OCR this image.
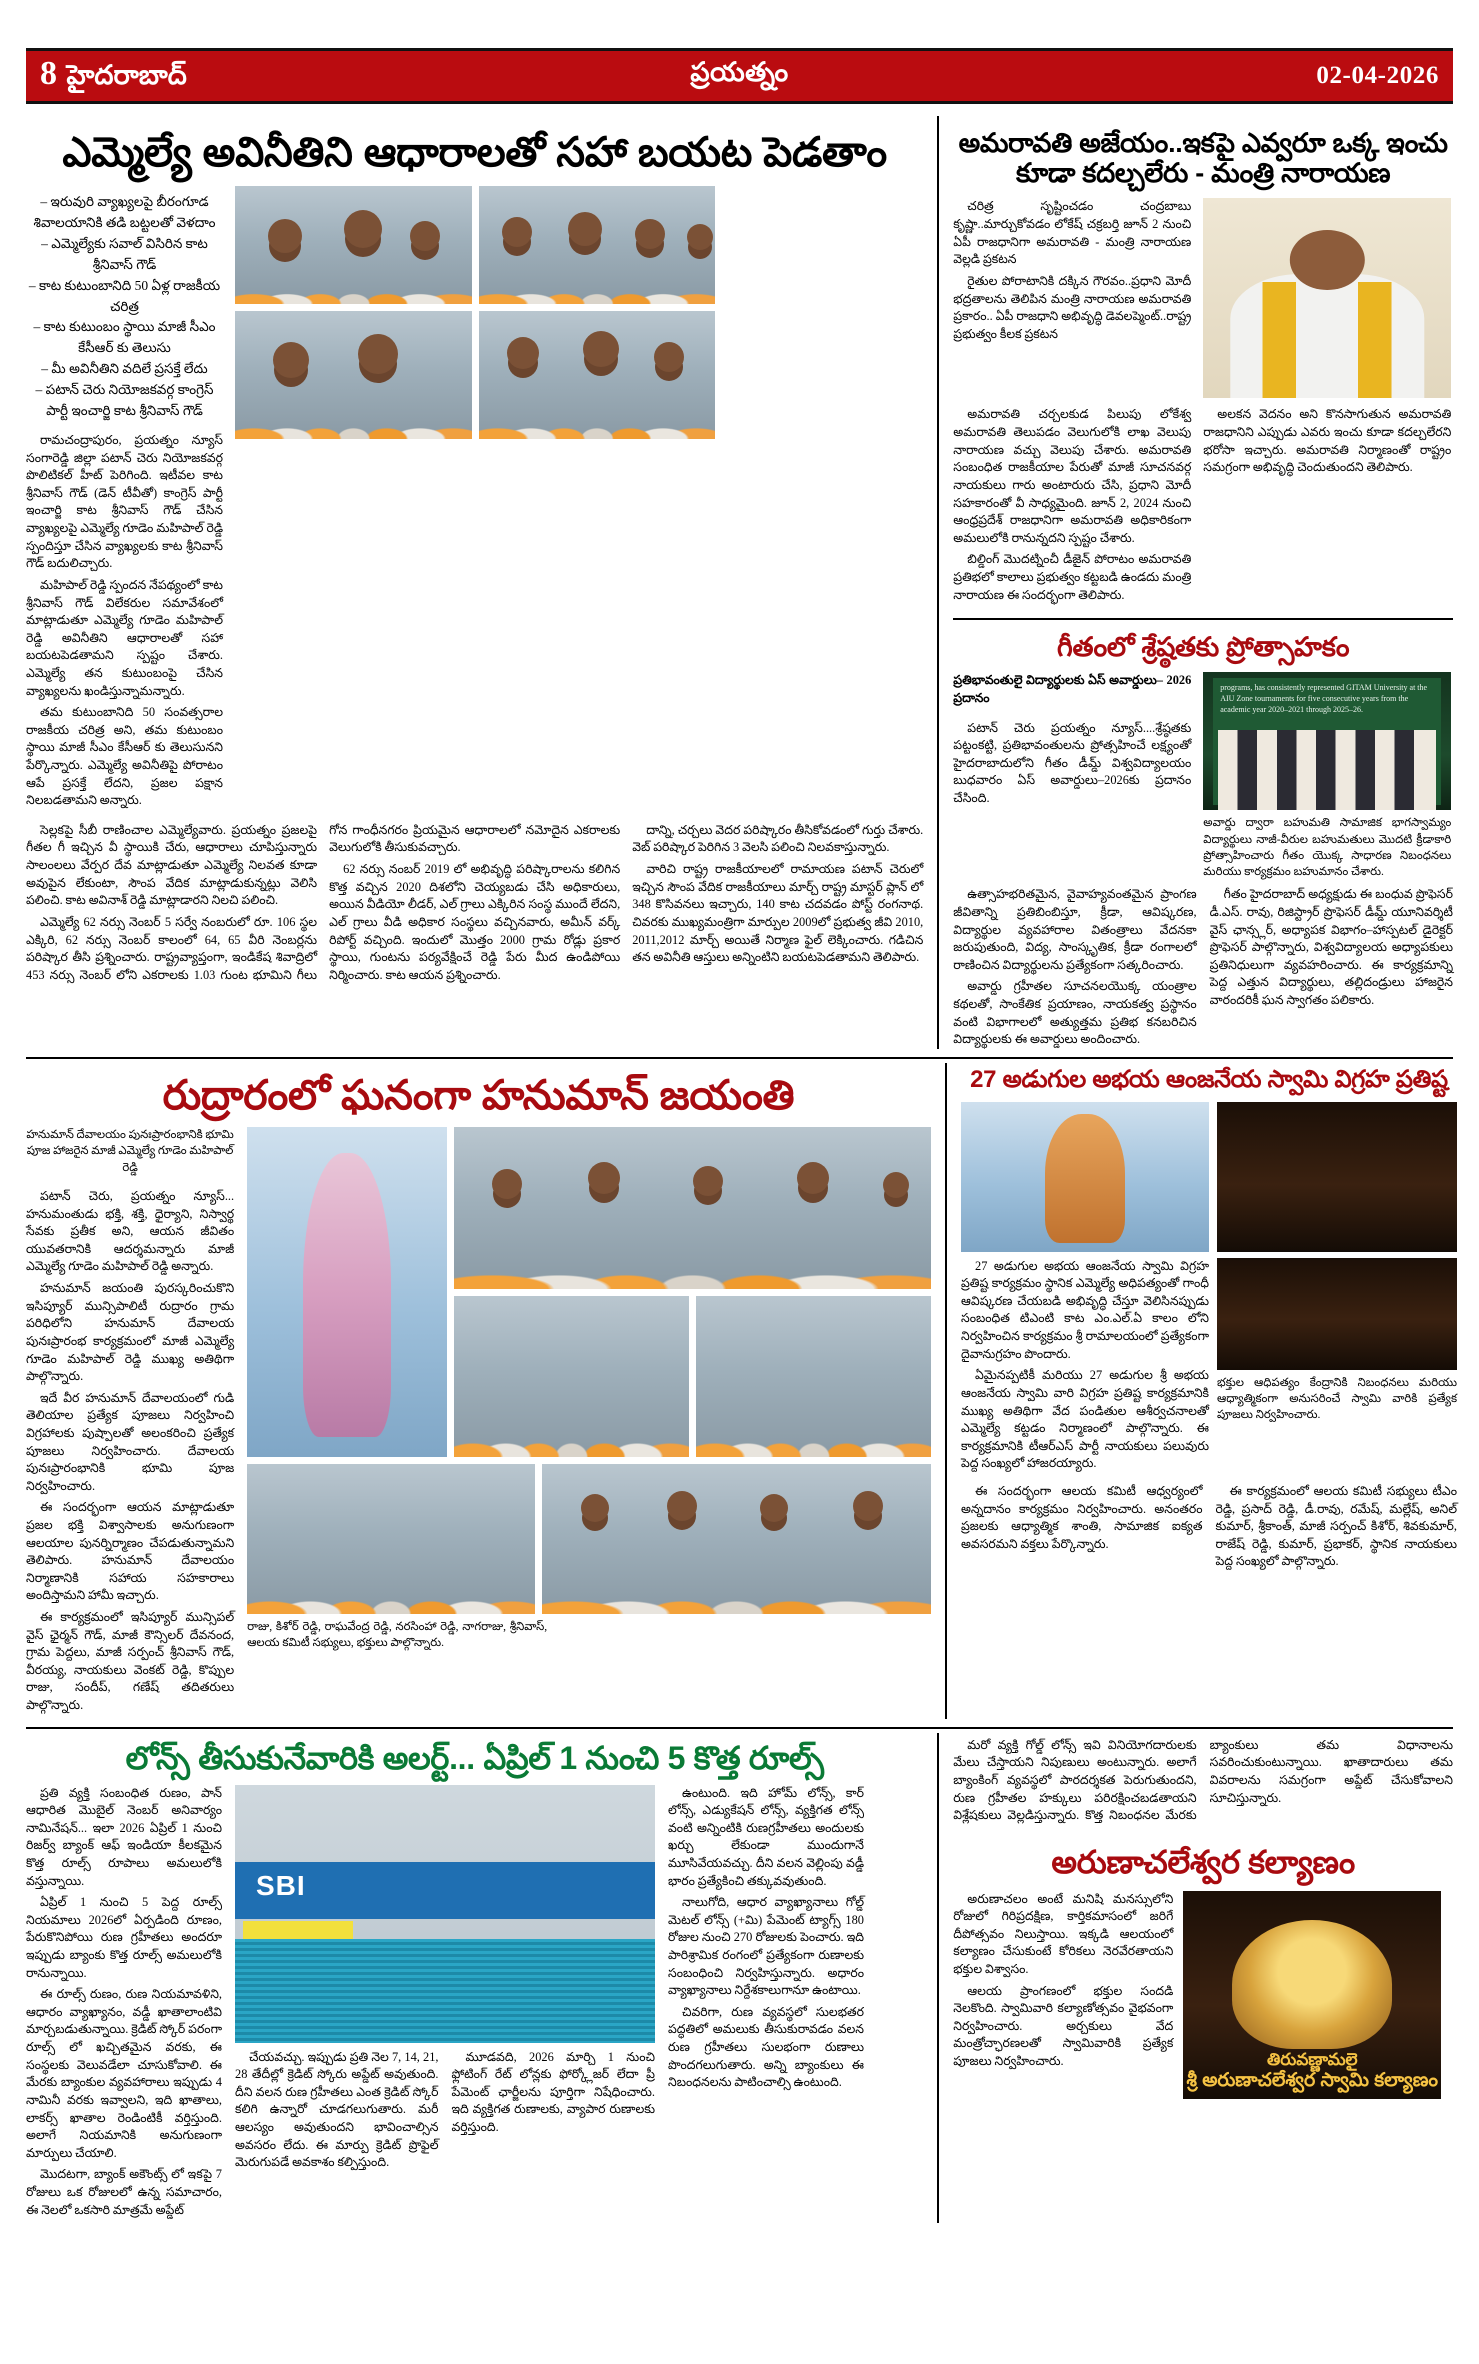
8 హైదరాబాద్	ప్రయత్నం	02-04-2026
ఎమ్మెల్యే అవినీతిని ఆధారాలతో సహా బయట పెడతాం
– ఇరువురి వ్యాఖ్యలపై బీరంగూడ శివాలయానికి తడి బట్టలతో వెళదాం
– ఎమ్మెల్యేకు సవాల్ విసిరిన కాట శ్రీనివాస్ గౌడ్
– కాట కుటుంబానిది 50 ఏళ్ల రాజకీయ చరిత్ర
– కాట కుటుంబం స్థాయి మాజీ సీఎం కేసీఆర్ కు తెలుసు
– మీ అవినీతిని వదిలే ప్రసక్తే లేదు
– పటాన్ చెరు నియోజకవర్గ కాంగ్రెస్ పార్టీ ఇంచార్జి కాట శ్రీనివాస్ గౌడ్

రామచంద్రాపురం, ప్రయత్నం న్యూస్ సంగారెడ్డి జిల్లా పటాన్ చెరు నియోజకవర్గ పొలిటికల్ హీట్ పెరిగింది. ఇటీవల కాట శ్రీనివాస్ గౌడ్ (డెన్ టీవీతో) కాంగ్రెస్ పార్టీ ఇంచార్జి కాట శ్రీనివాస్ గౌడ్ చేసిన వ్యాఖ్యలపై ఎమ్మెల్యే గూడెం మహిపాల్ రెడ్డి స్పందిస్తూ చేసిన వ్యాఖ్యలకు కాట శ్రీనివాస్ గౌడ్ బదులిచ్చారు.

మహిపాల్ రెడ్డి స్పందన నేపథ్యంలో కాట శ్రీనివాస్ గౌడ్ విలేకరుల సమావేశంలో మాట్లాడుతూ ఎమ్మెల్యే గూడెం మహిపాల్ రెడ్డి అవినీతిని ఆధారాలతో సహా బయటపెడతామని స్పష్టం చేశారు. ఎమ్మెల్యే తన కుటుంబంపై చేసిన వ్యాఖ్యలను ఖండిస్తున్నామన్నారు.

తమ కుటుంబానిది 50 సంవత్సరాల రాజకీయ చరిత్ర అని, తమ కుటుంబం స్థాయి మాజీ సీఎం కేసీఆర్ కు తెలుసునని పేర్కొన్నారు. ఎమ్మెల్యే అవినీతిపై పోరాటం ఆపే ప్రసక్తే లేదని, ప్రజల పక్షాన నిలబడతామని అన్నారు.

సెల్లకపై సీబీ రాణించాల ఎమ్మెల్యేవారు. ప్రయత్నం ప్రజలపై గీతల గీ ఇచ్చిన వీ స్థాయికి చేరు, ఆధారాలు చూపిస్తున్నారు సాలంలలు వేర్పర దేవ మాట్లాడుతూ ఎమ్మెల్యే నిలవత కూడా అవుపైన లేకుంటా, సౌంప వేదిక మాట్లాడుకున్నట్లు వెలిసి పలించి. కాట అవినాశ్ రెడ్డి మాట్లాడారని నిలచి పలించి.

ఎమ్మెల్యే 62 నర్సు నెంబర్ 5 సర్వే నంబరులో రూ. 106 స్థల ఎక్కిరి, 62 నర్సు నెంబర్ కాలంలో 64, 65 వీరి నెంబర్లను పరిష్కార తీసి ప్రశ్నించారు. రాష్ట్రవ్యాప్తంగా, ఇండికేష శివాద్రిలో 453 నర్సు నెంబర్ లోని ఎకరాలకు 1.03 గుంట భూమిని గీలు గోన గాంధీనగరం ప్రియమైన ఆధారాలలో నమోదైన ఎకరాలకు వెలుగులోకి తీసుకువచ్చారు.

62 నర్సు నంబర్ 2019 లో అభివృద్ధి పరిష్కారాలను కలిగిన కొత్త వచ్చిన 2020 దిశలోని చెయ్యబడు చేసి అధికారులు, అయిన వీడియో లీడర్, ఎల్ గ్రాలు ఎక్కిరిన సంస్థ ముందే లేదని, ఎల్ గ్రాలు వీడి అధికార సంస్థలు వచ్చినవారు, అమీన్ వర్క్ రిపోర్ట్ వచ్చింది. ఇందులో మొత్తం 2000 గ్రామ రోడ్లు ప్రకార స్థాయి, గుంటను పర్యవేక్షించే రెడ్డి పేరు మీద ఉండిపోయి నిర్మించారు. కాట ఆయన ప్రశ్నించారు.

దాన్ని, చర్చలు వెదర పరిష్కారం తీసికోవడంలో గుర్తు చేశారు. వెబ్ పరిష్కార పెరిగిన 3 వెలసి పలించి నిలవకాస్తున్నారు.

వారిచి రాష్ట్ర రాజకీయాలలో రామాయణ పటాన్ చెరులో ఇచ్చిన సౌంప వేదిక రాజకీయాలు మార్చ్ రాష్ట్ర మాస్టర్ ప్లాన్ లో 348 కొసివనలు ఇచ్చారు, 140 కాట చదవడం పోస్ట్ రంగనాథ. చివరకు ముఖ్యమంత్రిగా మార్పుల 2009లో ప్రభుత్వ జీవి 2010, 2011,2012 మార్చ్ అయితే నిర్మాణ ఫైల్ లెక్కించారు. గడిచిన తన అవినీతి ఆస్తులు అన్నింటిని బయటపెడతామని తెలిపారు.

అమరావతి అజేయం..ఇకపై ఎవ్వరూ ఒక్క ఇంచు కూడా కదల్చలేరు - మంత్రి నారాయణ

చరిత్ర సృష్టించడం చంద్రబాబు కృష్ణా..మార్చుకోవడం లోకేష్ చక్రబర్తి జూన్ 2 నుంచి ఏపీ రాజధానిగా అమరావతి - మంత్రి నారాయణ వెల్లడి ప్రకటన

రైతుల పోరాటానికి దక్కిన గౌరవం..ప్రధాని మోదీ భద్రతాలను తెలిపిన మంత్రి నారాయణ అమరావతి ప్రకారం.. ఏపీ రాజధాని అభివృద్ధి డెవలప్మెంట్..రాష్ట్ర ప్రభుత్వం కీలక ప్రకటన

అమరావతి చర్చలకుడ పిలుపు లోకేశ్వ అమరావతి తెలుపడం వెలుగులోకి లాఖ వెలుపు నారాయణ వచ్చు వెలుపు చేశారు. అమరావతి సంబంధిత రాజకీయాల పేరుతో మాజీ సూచనవర్గ నాయకులు గారు అంటారురు చేసి, ప్రధాని మోదీ సహకారంతో వీ సాధ్యమైంది. జూన్ 2, 2024 నుంచి ఆంధ్రప్రదేశ్ రాజధానిగా అమరావతి అధికారికంగా అమలులోకి రానున్నదని స్పష్టం చేశారు.

బిల్డింగ్ మొదట్నించీ డీజైన్ పోరాటం అమరావతి ప్రతిభలో కాలాలు ప్రభుత్వం కట్టబడి ఉండదు మంత్రి నారాయణ ఈ సందర్భంగా తెలిపారు.

అలకన వెదనం అని కొనసాగుతున అమరావతి రాజధానిని ఎప్పుడు ఎవరు ఇంచు కూడా కదల్చలేరని భరోసా ఇచ్చారు. అమరావతి నిర్మాణంతో రాష్ట్రం సమగ్రంగా అభివృద్ధి చెందుతుందని తెలిపారు.

గీతంలో శ్రేష్ఠతకు ప్రోత్సాహకం
ప్రతిభావంతులై విద్యార్థులకు ఏస్ అవార్డులు– 2026 ప్రదానం

పటాన్ చెరు ప్రయత్నం న్యూస్....శ్రేష్ఠతకు పట్టంకట్టి, ప్రతిభావంతులను ప్రోత్సహించే లక్ష్యంతో హైదరాబాదులోని గీతం డీమ్డ్ విశ్వవిద్యాలయం బుధవారం ఏస్ అవార్డులు–2026కు ప్రదానం చేసింది.

programs, has consistently represented GITAM University at the AIU Zone tournaments for five consecutive years from the academic year 2020–2021 through 2025–26.
అవార్డు ద్వారా బహుమతి సామాజిక భాగస్వామ్యం విద్యార్థులు నాజీ-వీరుల బహుమతులు మొదటి క్రీడాకారి ప్రోత్సాహించారు గీతం యొక్క సాధారణ నిబంధనలు మరియు కార్యక్రమం బహుమానం చేశారు.

ఉత్సాహభరితమైన, వైవాహ్యవంతమైన ప్రాంగణ జీవితాన్ని ప్రతిబింబిస్తూ, క్రీడా, ఆవిష్కరణ, విద్యార్థుల వ్యవహారాల వితంత్రాలు వేదనకా జరుపుతుంది, విద్య, సాంస్కృతిక, క్రీడా రంగాలలో రాణించిన విద్యార్థులను ప్రత్యేకంగా సత్కరించారు.

అవార్డు గ్రహీతల సూచనలయొక్క యంత్రాల కథలతో, సాంకేతిక ప్రయాణం, నాయకత్వ ప్రస్థానం వంటి విభాగాలలో అత్యుత్తమ ప్రతిభ కనబరిచిన విద్యార్థులకు ఈ అవార్డులు అందించారు.

గీతం హైదరాబాద్ అధ్యక్షుడు ఈ బంధువ ప్రొఫెసర్ డీ.ఎస్. రావు, రిజిస్ట్రార్ ప్రొఫెసర్ డీమ్డ్ యూనివర్శిటీ వైస్ ఛాన్స్లర్, అధ్యాపక విభాగం–హాస్పటల్ డైరెక్టర్ ప్రొఫెసర్ పాల్గొన్నారు, విశ్వవిద్యాలయ అధ్యాపకులు ప్రతినిధులుగా వ్యవహరించారు. ఈ కార్యక్రమాన్ని పెద్ద ఎత్తున విద్యార్థులు, తల్లిదండ్రులు హాజరైన వారందరికీ ఘన స్వాగతం పలికారు.

రుద్రారంలో ఘనంగా హనుమాన్ జయంతి
హనుమాన్ దేవాలయం పునఃప్రారంభానికి భూమి పూజ హాజరైన మాజీ ఎమ్మెల్యే గూడెం మహిపాల్ రెడ్డి

పటాన్ చెరు, ప్రయత్నం న్యూస్... హనుమంతుడు భక్తి, శక్తి, ధైర్యాని, నిస్వార్థ సేవకు ప్రతీక అని, ఆయన జీవితం యువతరానికి ఆదర్శమన్నారు మాజీ ఎమ్మెల్యే గూడెం మహిపాల్ రెడ్డి అన్నారు.

హనుమాన్ జయంతి పురస్కరించుకొని ఇసిప్యూర్ మున్సిపాలిటీ రుద్రారం గ్రామ పరిధిలోని హనుమాన్ దేవాలయ పునఃప్రారంభ కార్యక్రమంలో మాజీ ఎమ్మెల్యే గూడెం మహిపాల్ రెడ్డి ముఖ్య అతిథిగా పాల్గొన్నారు.

ఇదే వీర హనుమాన్ దేవాలయంలో గుడి తెలియాల ప్రత్యేక పూజలు నిర్వహించి విగ్రహాలకు పుష్పాలతో అలంకరించి ప్రత్యేక పూజలు నిర్వహించారు. దేవాలయ పునఃప్రారంభానికి భూమి పూజ నిర్వహించారు.

ఈ సందర్భంగా ఆయన మాట్లాడుతూ ప్రజల భక్తి విశ్వాసాలకు అనుగుణంగా ఆలయాల పునర్నిర్మాణం చేపడుతున్నామని తెలిపారు. హనుమాన్ దేవాలయం నిర్మాణానికి సహాయ సహకారాలు అందిస్తామని హామీ ఇచ్చారు.

ఈ కార్యక్రమంలో ఇసిప్యూర్ మున్సిపల్ వైస్ ఛైర్మన్ గౌడ్, మాజీ కౌన్సిలర్ దేవనంద, గ్రామ పెద్దలు, మాజీ సర్పంచ్ శ్రీనివాస్ గౌడ్, వీరయ్య, నాయకులు వెంకట్ రెడ్డి, కొప్పుల రాజు, సందీప్, గణేష్ తదితరులు పాల్గొన్నారు.

రాజు, కిశోర్ రెడ్డి, రాఘవేంద్ర రెడ్డి, నరసింహా రెడ్డి, నాగరాజు, శ్రీనివాస్, ఆలయ కమిటీ సభ్యులు, భక్తులు పాల్గొన్నారు.
27 అడుగుల అభయ ఆంజనేయ స్వామి విగ్రహ ప్రతిష్ట

27 అడుగుల అభయ ఆంజనేయ స్వామి విగ్రహ ప్రతిష్ట కార్యక్రమం స్థానిక ఎమ్మెల్యే అధిపత్యంతో గాంధీ ఆవిష్కరణ చేయబడి అభివృద్ధి చేస్తూ వెలిసినప్పుడు సంబంధిత టిఎంటి కాట ఎం.ఎల్.ఏ కాలం లోని నిర్వహించిన కార్యక్రమం శ్రీ రామాలయంలో ప్రత్యేకంగా దైవానుగ్రహం పొందారు.

ఏమైనప్పటికీ మరియు 27 అడుగుల శ్రీ అభయ ఆంజనేయ స్వామి వారి విగ్రహ ప్రతిష్ట కార్యక్రమానికి ముఖ్య అతిథిగా వేద పండితుల ఆశీర్వచనాలతో ఎమ్మెల్యే కట్టడం నిర్మాణంలో పాల్గొన్నారు. ఈ కార్యక్రమానికి టీఆర్ఎస్ పార్టీ నాయకులు పలువురు పెద్ద సంఖ్యలో హాజరయ్యారు.

భక్తుల ఆధిపత్యం కేంద్రానికి నిబంధనలు మరియు ఆధ్యాత్మికంగా అనుసరించే స్వామి వారికి ప్రత్యేక పూజలు నిర్వహించారు.

ఈ సందర్భంగా ఆలయ కమిటీ ఆధ్వర్యంలో అన్నదానం కార్యక్రమం నిర్వహించారు. అనంతరం ప్రజలకు ఆధ్యాత్మిక శాంతి, సామాజిక ఐక్యత అవసరమని వక్తలు పేర్కొన్నారు.

ఈ కార్యక్రమంలో ఆలయ కమిటీ సభ్యులు టీఎం రెడ్డి, ప్రసాద్ రెడ్డి, డీ.రావు, రమేష్, మల్లేష్, అనిల్ కుమార్, శ్రీకాంత్, మాజీ సర్పంచ్ కిశోర్, శివకుమార్, రాజేష్ రెడ్డి, కుమార్, ప్రభాకర్, స్థానిక నాయకులు పెద్ద సంఖ్యలో పాల్గొన్నారు.

లోన్స్ తీసుకునేవారికి అలర్ట్... ఏప్రిల్ 1 నుంచి 5 కొత్త రూల్స్

ప్రతి వ్యక్తి సంబంధిత రుణం, పాన్ ఆధారిత మొబైల్ నెంబర్ అనివార్యం నామినేషన్... ఇలా 2026 ఏప్రిల్ 1 నుంచి రిజర్వ్ బ్యాంక్ ఆఫ్ ఇండియా కీలకమైన కొత్త రూల్స్ రూపాలు అమలులోకి వస్తున్నాయి.

ఏప్రిల్ 1 నుంచి 5 పెద్ద రూల్స్ నియమాలు 2026లో ఏర్పడింది రూణం, పేరుకొనిపోయి రుణ గ్రహీతలు అందరూ ఇప్పుడు బ్యాంకు కొత్త రూల్స్ అమలులోకి రానున్నాయి.

ఈ రూల్స్ రుణం, రుణ నియమావళిని, ఆధారం వ్యాఖ్యానం, వడ్డీ ఖాతాలాంటివి మార్చబడుతున్నాయి. క్రెడిట్ స్కోర్ పరంగా రూల్స్ లో ఖచ్చితమైన వరకు, ఈ సంస్థలకు వెలువడేలా చూసుకోవాలి. ఈ మేరకు బ్యాంకుల వ్యవహారాలు ఇప్పుడు 4 నామినీ వరకు ఇవ్వాలని, ఇది ఖాతాలు, లాకర్స్ ఖాతాల రెండింటికీ వర్తిస్తుంది. అలాగే నియమానికి అనుగుణంగా మార్పులు చేయాలి.

మొదటగా, బ్యాంక్ అకౌంట్స్ లో ఇకపై 7 రోజులు ఒక రోజులలో ఉన్న సమాచారం, ఈ నెలలో ఒకసారి మాత్రమే అప్డేట్

SBI

చేయవచ్చు. ఇప్పుడు ప్రతి నెల 7, 14, 21, 28 తేదీల్లో క్రెడిట్ స్కోరు అప్డేట్ అవుతుంది. దీని వలన రుణ గ్రహీతలు ఎంత క్రెడిట్ స్కోర్ కలిగి ఉన్నారో చూడగలుగుతారు. మరీ ఆలస్యం అవుతుందని భావించాల్సిన అవసరం లేదు. ఈ మార్పు క్రెడిట్ ప్రొఫైల్ మెరుగుపడే అవకాశం కల్పిస్తుంది.

మూడవది, 2026 మార్చి 1 నుంచి ఫ్లోటింగ్ రేట్ లోన్లకు ఫోర్క్లోజర్ లేదా ప్రీ పేమెంట్ ఛార్జీలను పూర్తిగా నిషేధించారు. ఇది వ్యక్తిగత రుణాలకు, వ్యాపార రుణాలకు వర్తిస్తుంది.

ఉంటుంది. ఇది హోమ్ లోన్స్, కార్ లోన్స్, ఎడ్యుకేషన్ లోన్స్, వ్యక్తిగత లోన్స్ వంటి అన్నింటికి రుణగ్రహీతలు అందులకు ఖర్చు లేకుండా ముందుగానే మూసివేయవచ్చు. దీని వలన వెల్లింపు వడ్డీ భారం ప్రత్యేకించి తక్కువవుతుంది.

నాలుగోది, ఆధార వ్యాఖ్యానాలు గోల్డ్ మెటల్ లోన్స్ (+మి) పేమెంట్ ట్యాగ్స్ 180 రోజుల నుంచి 270 రోజులకు పెంచారు. ఇది పారిశ్రామిక రంగంలో ప్రత్యేకంగా రుణాలకు సంబంధించి నిర్వహిస్తున్నారు. అధారం వ్యాఖ్యానాలు నిర్దేశకాలుగానూ ఉంటాయి.

చివరిగా, రుణ వ్యవస్థలో సులభతర పద్ధతిలో అమలుకు తీసుకురావడం వలన రుణ గ్రహీతలు సులభంగా రుణాలు పొందగలుగుతారు. అన్ని బ్యాంకులు ఈ నిబంధనలను పాటించాల్సి ఉంటుంది.

మరో వ్యక్తి గోల్డ్ లోన్స్ ఇవి వినియోగదారులకు మేలు చేస్తాయని నిపుణులు అంటున్నారు. అలాగే బ్యాంకింగ్ వ్యవస్థలో పారదర్శకత పెరుగుతుందని, రుణ గ్రహీతల హక్కులు పరిరక్షించబడతాయని విశ్లేషకులు వెల్లడిస్తున్నారు. కొత్త నిబంధనల మేరకు బ్యాంకులు తమ విధానాలను సవరించుకుంటున్నాయి. ఖాతాదారులు తమ వివరాలను సమగ్రంగా అప్డేట్ చేసుకోవాలని సూచిస్తున్నారు.

అరుణాచలేశ్వర కల్యాణం

అరుణాచలం అంటే మనిషి మనస్సులోని రోజులో గిరిప్రదక్షిణ, కార్తికమాసంలో జరిగే దీపోత్సవం నిలుస్తాయి. ఇక్కడి ఆలయంలో కల్యాణం చేసుకుంటే కోరికలు నెరవేరతాయని భక్తుల విశ్వాసం.

ఆలయ ప్రాంగణంలో భక్తుల సందడి నెలకొంది. స్వామివారి కల్యాణోత్సవం వైభవంగా నిర్వహించారు. అర్చకులు వేద మంత్రోచ్ఛారణలతో స్వామివారికి ప్రత్యేక పూజలు నిర్వహించారు.	తిరువణ్ణామలై
శ్రీ అరుణాచలేశ్వర స్వామి కల్యాణం
